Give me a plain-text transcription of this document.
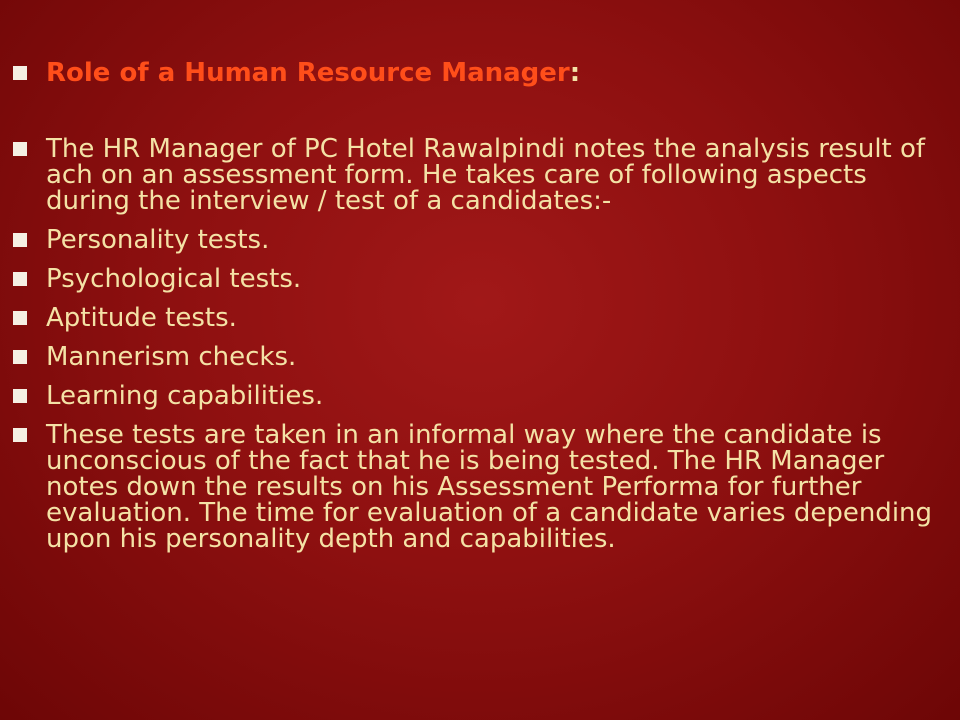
Role of a Human Resource Manager:
The HR Manager of PC Hotel Rawalpindi notes the analysis result of ach on an assessment form. He takes care of following aspects during the interview / test of a candidates:-
Personality tests.
Psychological tests.
Aptitude tests.
Mannerism checks.
Learning capabilities.
These tests are taken in an informal way where the candidate is unconscious of the fact that he is being tested. The HR Manager notes down the results on his Assessment Performa for further evaluation. The time for evaluation of a candidate varies depending upon his personality depth and capabilities.
